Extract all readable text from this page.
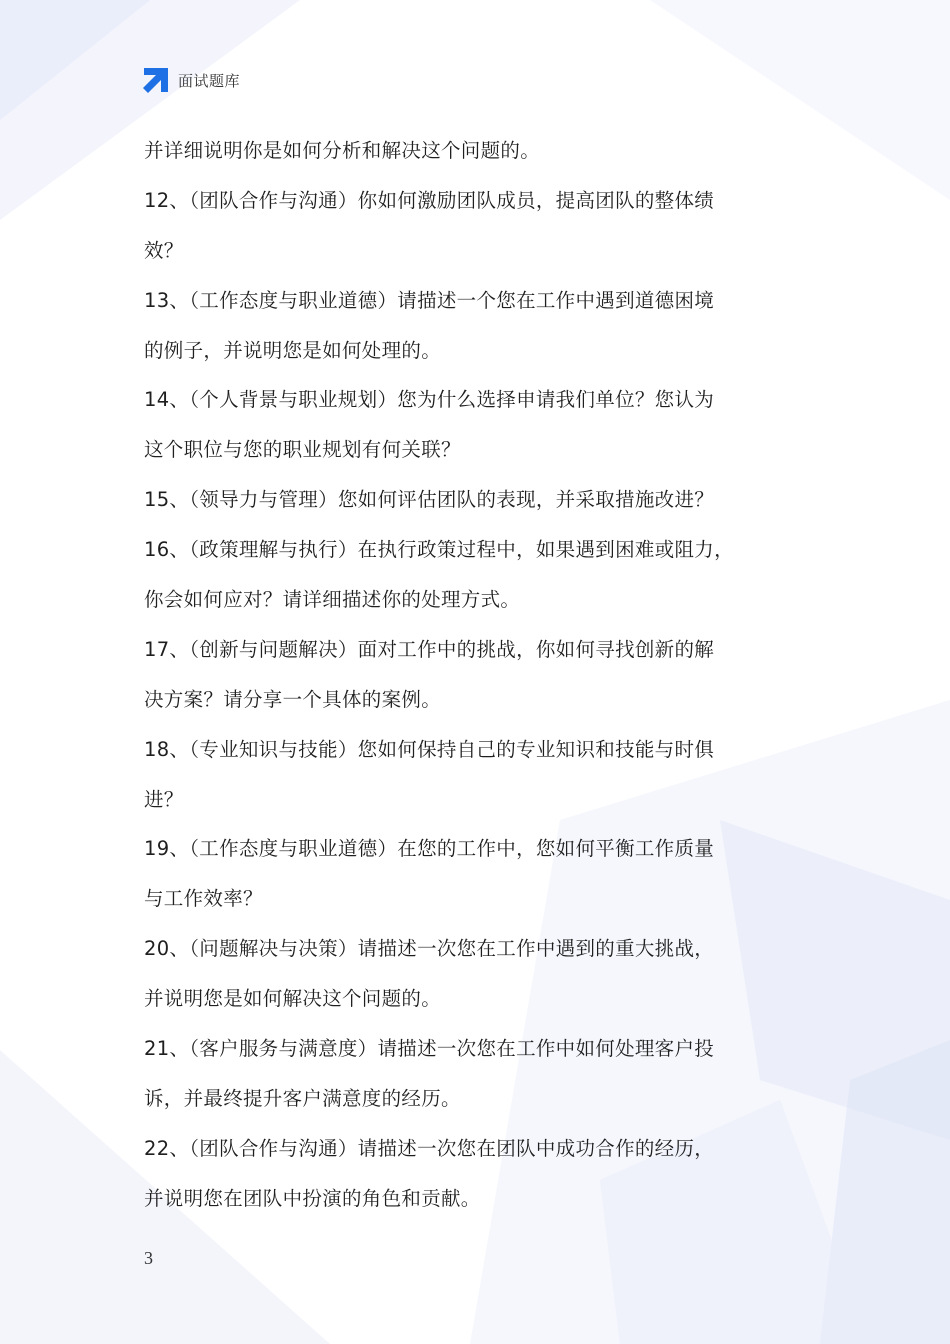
面试题库
并详细说明你是如何分析和解决这个问题的。
12、（团队合作与沟通）你如何激励团队成员，提高团队的整体绩
效？
13、（工作态度与职业道德）请描述一个您在工作中遇到道德困境
的例子，并说明您是如何处理的。
14、（个人背景与职业规划）您为什么选择申请我们单位？您认为
这个职位与您的职业规划有何关联？
15、（领导力与管理）您如何评估团队的表现，并采取措施改进？
16、（政策理解与执行）在执行政策过程中，如果遇到困难或阻力，
你会如何应对？请详细描述你的处理方式。
17、（创新与问题解决）面对工作中的挑战，你如何寻找创新的解
决方案？请分享一个具体的案例。
18、（专业知识与技能）您如何保持自己的专业知识和技能与时俱
进？
19、（工作态度与职业道德）在您的工作中，您如何平衡工作质量
与工作效率？
20、（问题解决与决策）请描述一次您在工作中遇到的重大挑战，
并说明您是如何解决这个问题的。
21、（客户服务与满意度）请描述一次您在工作中如何处理客户投
诉，并最终提升客户满意度的经历。
22、（团队合作与沟通）请描述一次您在团队中成功合作的经历，
并说明您在团队中扮演的角色和贡献。
3
